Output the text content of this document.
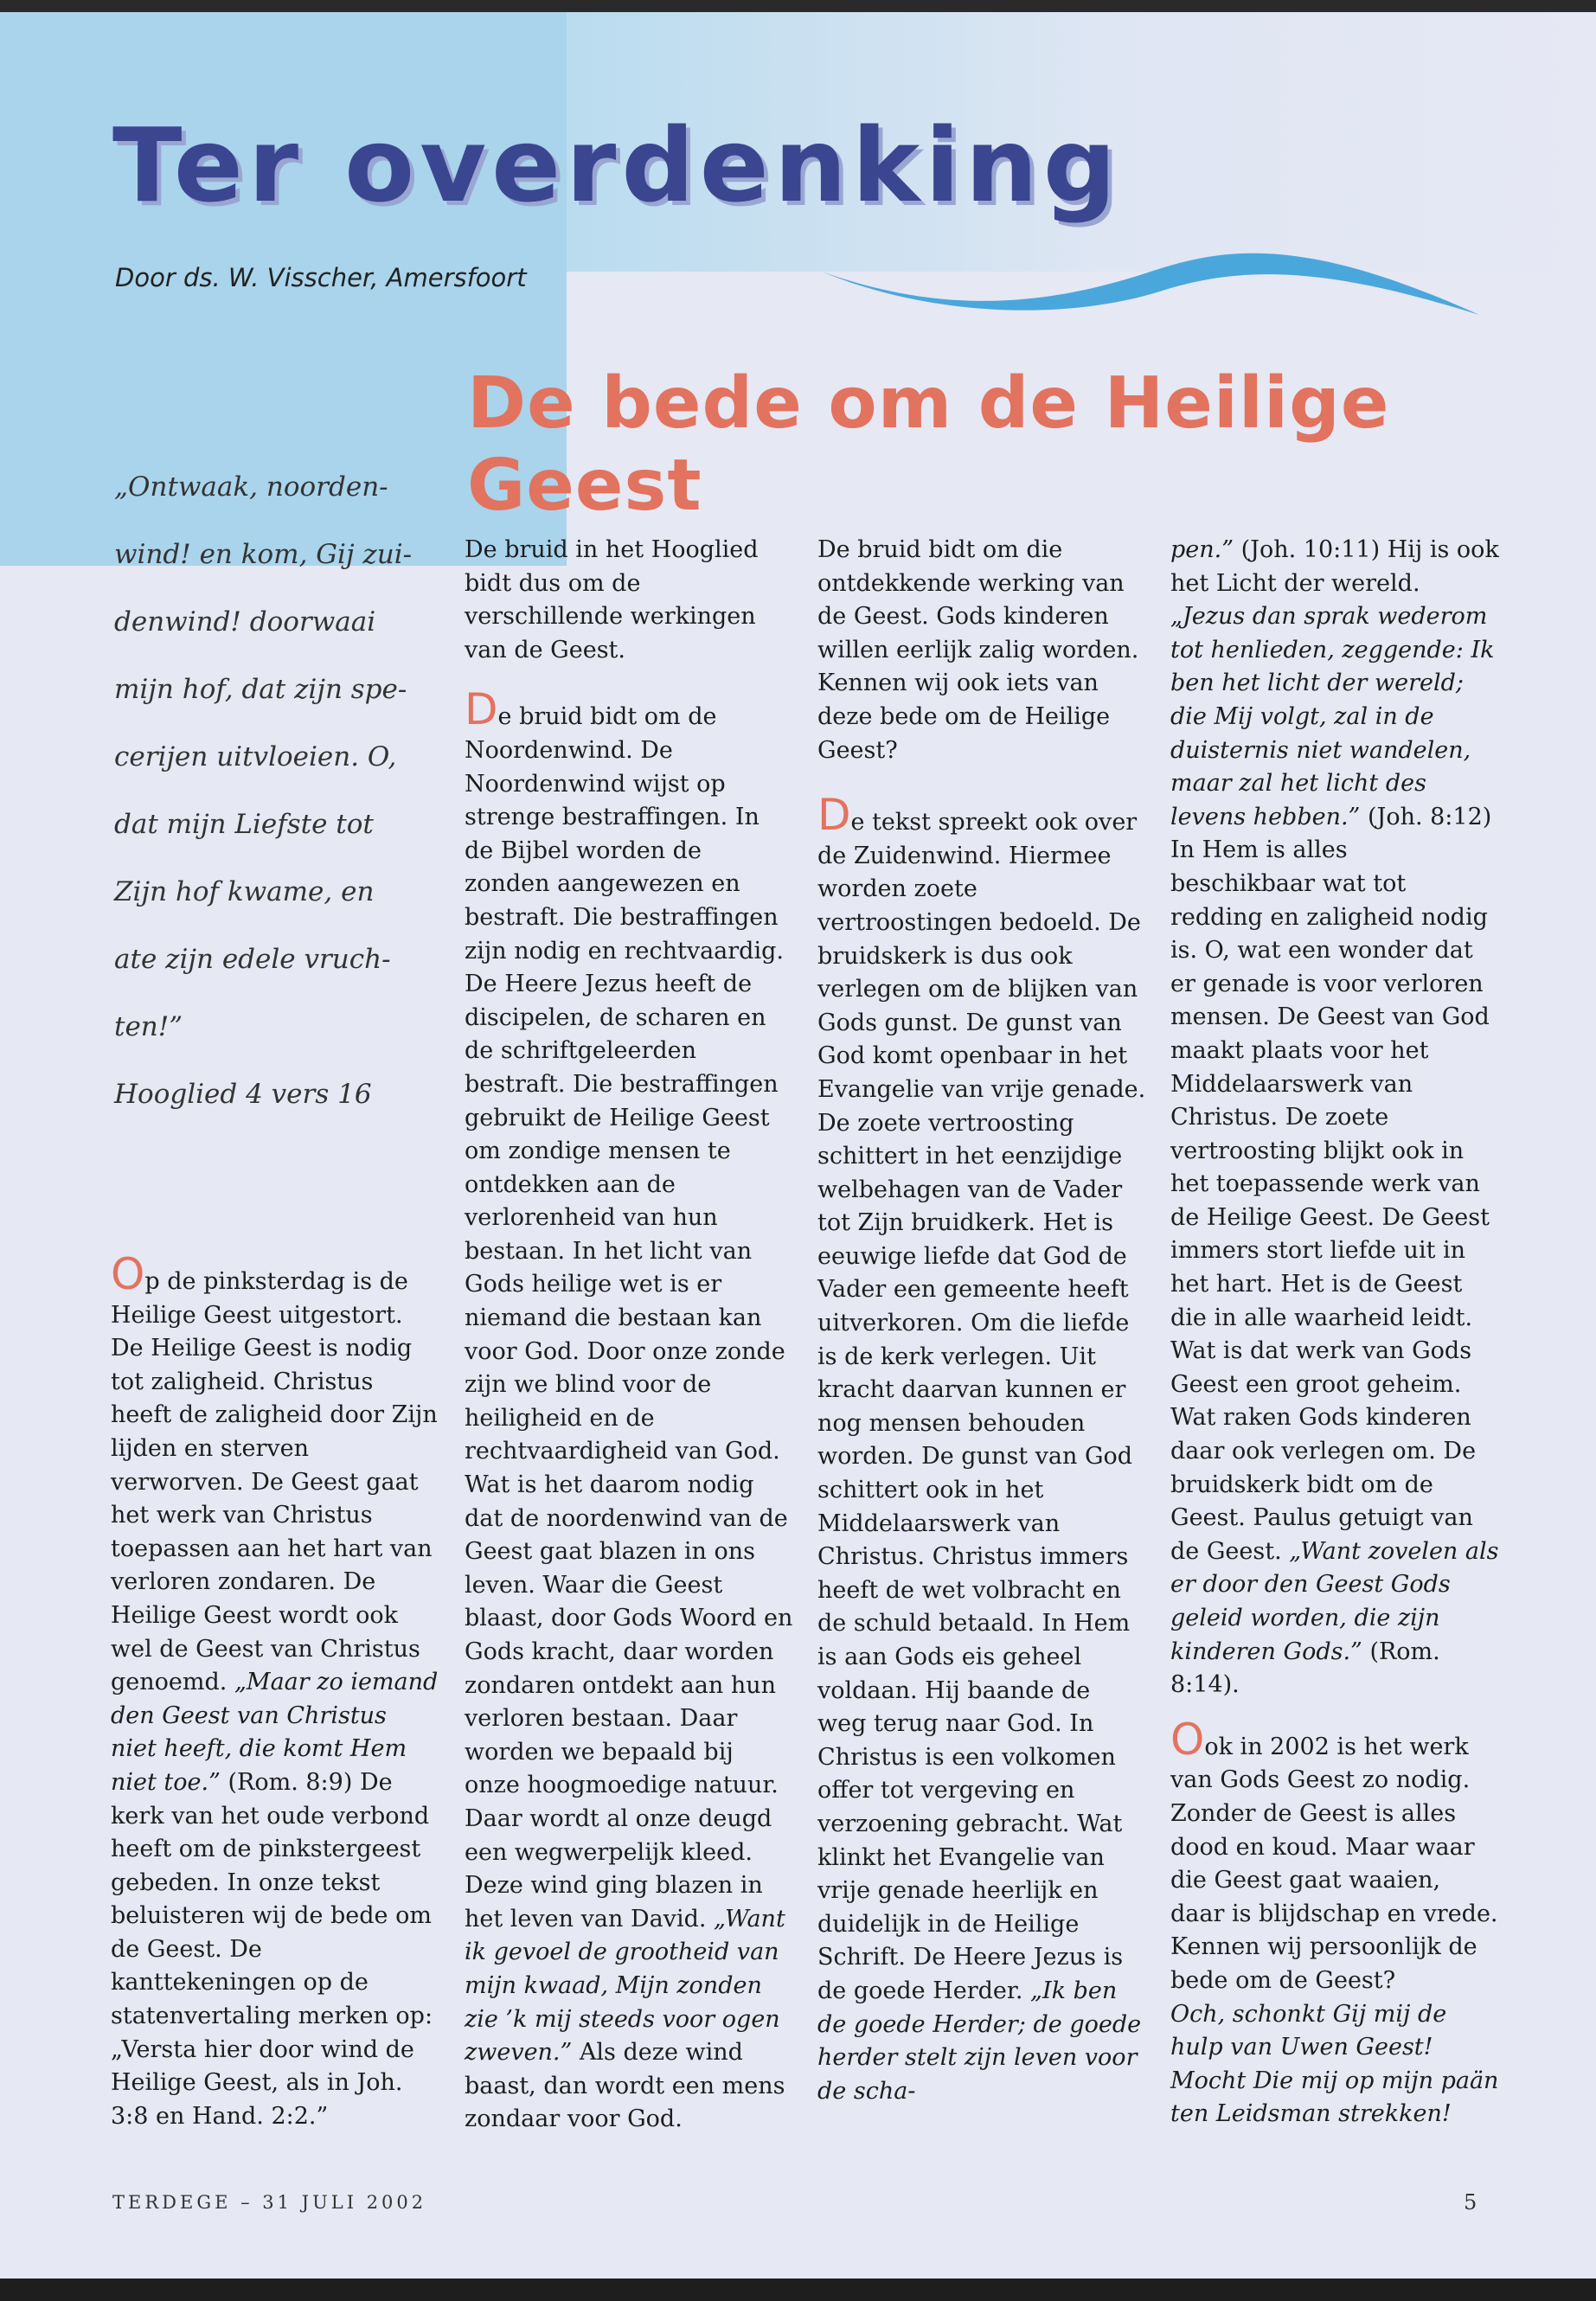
Ter overdenking
Door ds. W. Visscher, Amersfoort
De bede om de Heilige Geest
„Ontwaak, noorden-
wind! en kom, Gij zui-
denwind! doorwaai
mijn hof, dat zijn spe-
cerijen uitvloeien. O,
dat mijn Liefste tot
Zijn hof kwame, en
ate zijn edele vruch-
ten!”
Hooglied 4 vers 16

Op de pinksterdag is de Heilige Geest uitgestort. De Heilige Geest is nodig tot zaligheid. Christus heeft de zaligheid door Zijn lijden en sterven verworven. De Geest gaat het werk van Christus toepassen aan het hart van verloren zondaren. De Heilige Geest wordt ook wel de Geest van Christus genoemd. „Maar zo iemand den Geest van Christus niet heeft, die komt Hem niet toe.” (Rom. 8:9) De kerk van het oude verbond heeft om de pinkstergeest gebeden. In onze tekst beluisteren wij de bede om de Geest. De kanttekeningen op de statenvertaling merken op: „Versta hier door wind de Heilige Geest, als in Joh. 3:8 en Hand. 2:2.”

De bruid in het Hooglied bidt dus om de verschillende werkingen van de Geest.

De bruid bidt om de Noordenwind. De Noordenwind wijst op strenge bestraffingen. In de Bijbel worden de zonden aangewezen en bestraft. Die bestraffingen zijn nodig en rechtvaardig. De Heere Jezus heeft de discipelen, de scharen en de schriftgeleerden bestraft. Die bestraffingen gebruikt de Heilige Geest om zondige mensen te ontdekken aan de verlorenheid van hun bestaan. In het licht van Gods heilige wet is er niemand die bestaan kan voor God. Door onze zonde zijn we blind voor de heiligheid en de rechtvaardigheid van God. Wat is het daarom nodig dat de noordenwind van de Geest gaat blazen in ons leven. Waar die Geest blaast, door Gods Woord en Gods kracht, daar worden zondaren ontdekt aan hun verloren bestaan. Daar worden we bepaald bij onze hoogmoedige natuur. Daar wordt al onze deugd een wegwerpelijk kleed. Deze wind ging blazen in het leven van David. „Want ik gevoel de grootheid van mijn kwaad, Mijn zonden zie ’k mij steeds voor ogen zweven.” Als deze wind baast, dan wordt een mens zondaar voor God.

De bruid bidt om die ontdekkende werking van de Geest. Gods kinderen willen eerlijk zalig worden. Kennen wij ook iets van deze bede om de Heilige Geest?

De tekst spreekt ook over de Zuidenwind. Hiermee worden zoete vertroostingen bedoeld. De bruidskerk is dus ook verlegen om de blijken van Gods gunst. De gunst van God komt openbaar in het Evangelie van vrije genade. De zoete vertroosting schittert in het eenzijdige welbehagen van de Vader tot Zijn bruidkerk. Het is eeuwige liefde dat God de Vader een gemeente heeft uitverkoren. Om die liefde is de kerk verlegen. Uit kracht daarvan kunnen er nog mensen behouden worden. De gunst van God schittert ook in het Middelaarswerk van Christus. Christus immers heeft de wet volbracht en de schuld betaald. In Hem is aan Gods eis geheel voldaan. Hij baande de weg terug naar God. In Christus is een volkomen offer tot vergeving en verzoening gebracht. Wat klinkt het Evangelie van vrije genade heerlijk en duidelijk in de Heilige Schrift. De Heere Jezus is de goede Herder. „Ik ben de goede Herder; de goede herder stelt zijn leven voor de scha-

pen.” (Joh. 10:11) Hij is ook het Licht der wereld. „Jezus dan sprak wederom tot henlieden, zeggende: Ik ben het licht der wereld; die Mij volgt, zal in de duisternis niet wandelen, maar zal het licht des levens hebben.” (Joh. 8:12) In Hem is alles beschikbaar wat tot redding en zaligheid nodig is. O, wat een wonder dat er genade is voor verloren mensen. De Geest van God maakt plaats voor het Middelaarswerk van Christus. De zoete vertroosting blijkt ook in het toepassende werk van de Heilige Geest. De Geest immers stort liefde uit in het hart. Het is de Geest die in alle waarheid leidt. Wat is dat werk van Gods Geest een groot geheim. Wat raken Gods kinderen daar ook verlegen om. De bruidskerk bidt om de Geest. Paulus getuigt van de Geest. „Want zovelen als er door den Geest Gods geleid worden, die zijn kinderen Gods.” (Rom. 8:14).

Ook in 2002 is het werk van Gods Geest zo nodig. Zonder de Geest is alles dood en koud. Maar waar die Geest gaat waaien, daar is blijdschap en vrede. Kennen wij persoonlijk de bede om de Geest?

Och, schonkt Gij mij de hulp van Uwen Geest! Mocht Die mij op mijn paän ten Leidsman strekken!

TERDEGE – 31 JULI 2002	5
